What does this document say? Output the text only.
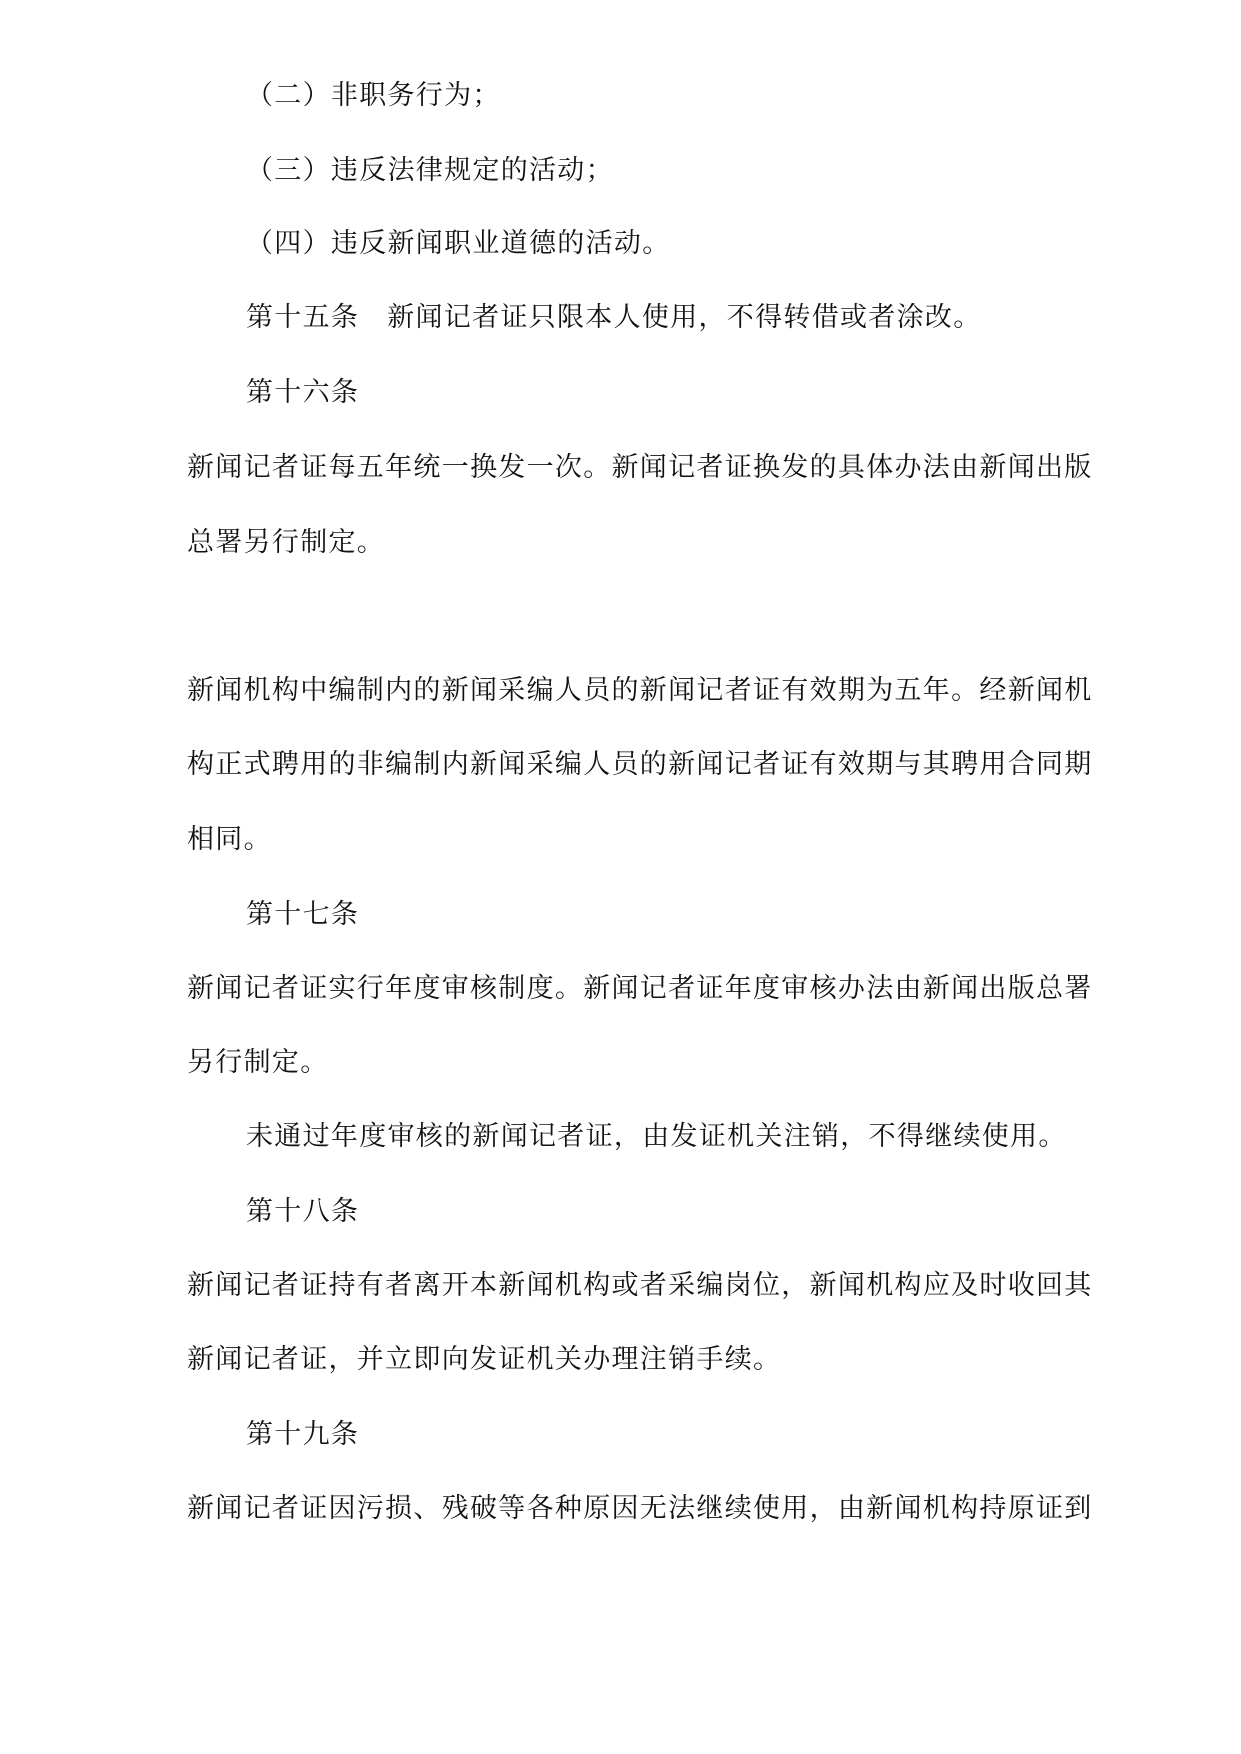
（二）非职务行为；
（三）违反法律规定的活动；
（四）违反新闻职业道德的活动。
第十五条 新闻记者证只限本人使用，不得转借或者涂改。
第十六条
新闻记者证每五年统一换发一次。新闻记者证换发的具体办法由新闻出版
总署另行制定。
新闻机构中编制内的新闻采编人员的新闻记者证有效期为五年。经新闻机
构正式聘用的非编制内新闻采编人员的新闻记者证有效期与其聘用合同期
相同。
第十七条
新闻记者证实行年度审核制度。新闻记者证年度审核办法由新闻出版总署
另行制定。
未通过年度审核的新闻记者证，由发证机关注销，不得继续使用。
第十八条
新闻记者证持有者离开本新闻机构或者采编岗位，新闻机构应及时收回其
新闻记者证，并立即向发证机关办理注销手续。
第十九条
新闻记者证因污损、残破等各种原因无法继续使用，由新闻机构持原证到
